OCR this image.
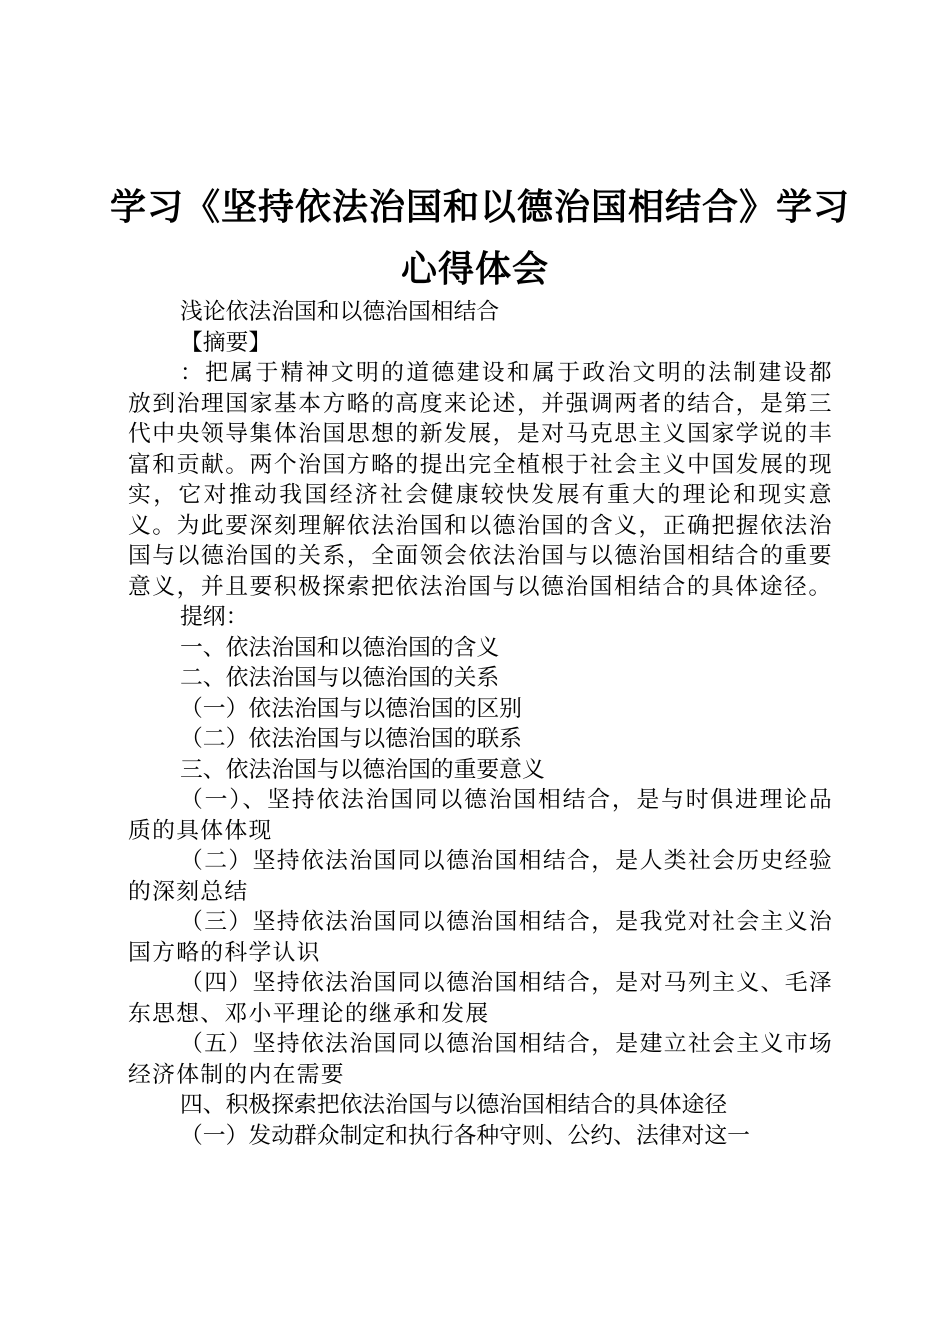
学习《坚持依法治国和以德治国相结合》学习
心得体会

浅论依法治国和以德治国相结合

【摘要】

：把属于精神文明的道德建设和属于政治文明的法制建设都放到治理国家基本方略的高度来论述，并强调两者的结合，是第三代中央领导集体治国思想的新发展，是对马克思主义国家学说的丰富和贡献。两个治国方略的提出完全植根于社会主义中国发展的现实，它对推动我国经济社会健康较快发展有重大的理论和现实意义。为此要深刻理解依法治国和以德治国的含义，正确把握依法治国与以德治国的关系，全面领会依法治国与以德治国相结合的重要意义，并且要积极探索把依法治国与以德治国相结合的具体途径。

提纲：

一、依法治国和以德治国的含义

二、依法治国与以德治国的关系

（一）依法治国与以德治国的区别

（二）依法治国与以德治国的联系

三、依法治国与以德治国的重要意义

（一）、坚持依法治国同以德治国相结合，是与时俱进理论品质的具体体现

（二）坚持依法治国同以德治国相结合，是人类社会历史经验的深刻总结

（三）坚持依法治国同以德治国相结合，是我党对社会主义治国方略的科学认识

（四）坚持依法治国同以德治国相结合，是对马列主义、毛泽东思想、邓小平理论的继承和发展

（五）坚持依法治国同以德治国相结合，是建立社会主义市场经济体制的内在需要

四、积极探索把依法治国与以德治国相结合的具体途径

（一）发动群众制定和执行各种守则、公约、法律对这一
